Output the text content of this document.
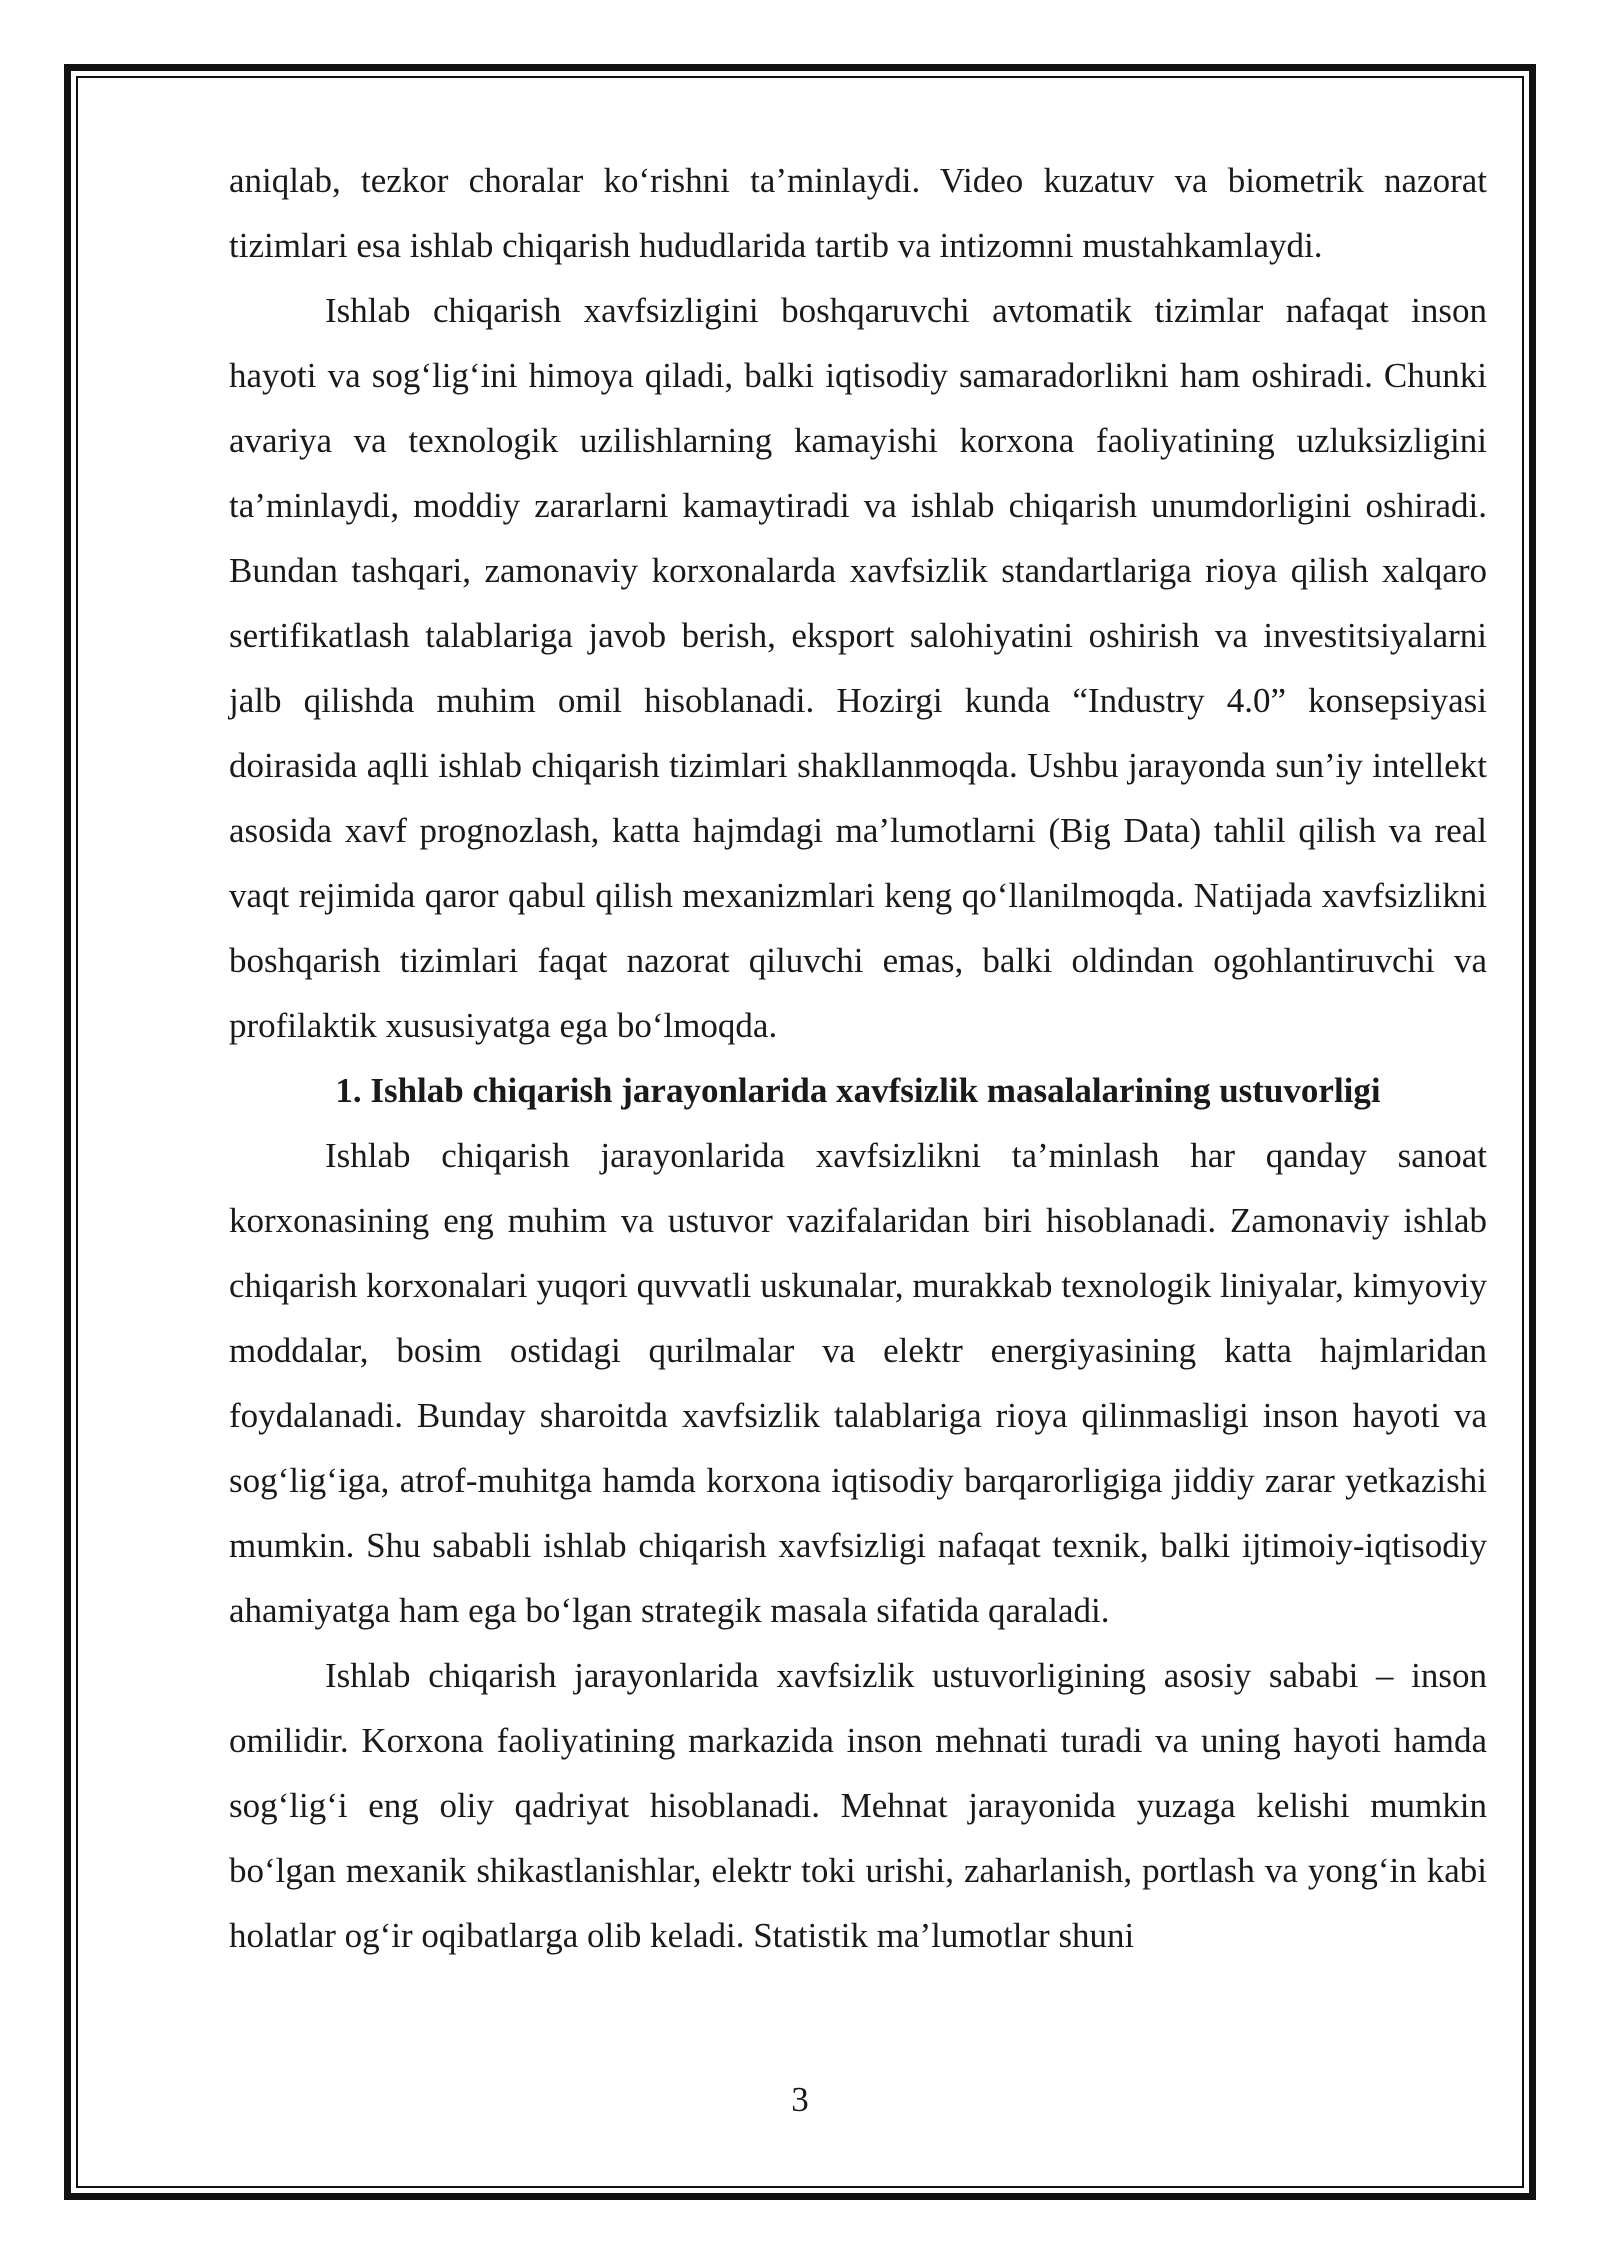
aniqlab, tezkor choralar ko‘rishni ta’minlaydi. Video kuzatuv va biometrik nazorat tizimlari esa ishlab chiqarish hududlarida tartib va intizomni mustahkamlaydi.

Ishlab chiqarish xavfsizligini boshqaruvchi avtomatik tizimlar nafaqat inson hayoti va sog‘lig‘ini himoya qiladi, balki iqtisodiy samaradorlikni ham oshiradi. Chunki avariya va texnologik uzilishlarning kamayishi korxona faoliyatining uzluksizligini ta’minlaydi, moddiy zararlarni kamaytiradi va ishlab chiqarish unumdorligini oshiradi. Bundan tashqari, zamonaviy korxonalarda xavfsizlik standartlariga rioya qilish xalqaro sertifikatlash talablariga javob berish, eksport salohiyatini oshirish va investitsiyalarni jalb qilishda muhim omil hisoblanadi. Hozirgi kunda “Industry 4.0” konsepsiyasi doirasida aqlli ishlab chiqarish tizimlari shakllanmoqda. Ushbu jarayonda sun’iy intellekt asosida xavf prognozlash, katta hajmdagi ma’lumotlarni (Big Data) tahlil qilish va real vaqt rejimida qaror qabul qilish mexanizmlari keng qo‘llanilmoqda. Natijada xavfsizlikni boshqarish tizimlari faqat nazorat qiluvchi emas, balki oldindan ogohlantiruvchi va profilaktik xususiyatga ega bo‘lmoqda.

1. Ishlab chiqarish jarayonlarida xavfsizlik masalalarining ustuvorligi

Ishlab chiqarish jarayonlarida xavfsizlikni ta’minlash har qanday sanoat korxonasining eng muhim va ustuvor vazifalaridan biri hisoblanadi. Zamonaviy ishlab chiqarish korxonalari yuqori quvvatli uskunalar, murakkab texnologik liniyalar, kimyoviy moddalar, bosim ostidagi qurilmalar va elektr energiyasining katta hajmlaridan foydalanadi. Bunday sharoitda xavfsizlik talablariga rioya qilinmasligi inson hayoti va sog‘lig‘iga, atrof-muhitga hamda korxona iqtisodiy barqarorligiga jiddiy zarar yetkazishi mumkin. Shu sababli ishlab chiqarish xavfsizligi nafaqat texnik, balki ijtimoiy-iqtisodiy ahamiyatga ham ega bo‘lgan strategik masala sifatida qaraladi.

Ishlab chiqarish jarayonlarida xavfsizlik ustuvorligining asosiy sababi – inson omilidir. Korxona faoliyatining markazida inson mehnati turadi va uning hayoti hamda sog‘lig‘i eng oliy qadriyat hisoblanadi. Mehnat jarayonida yuzaga kelishi mumkin bo‘lgan mexanik shikastlanishlar, elektr toki urishi, zaharlanish, portlash va yong‘in kabi holatlar og‘ir oqibatlarga olib keladi. Statistik ma’lumotlar shuni

3
